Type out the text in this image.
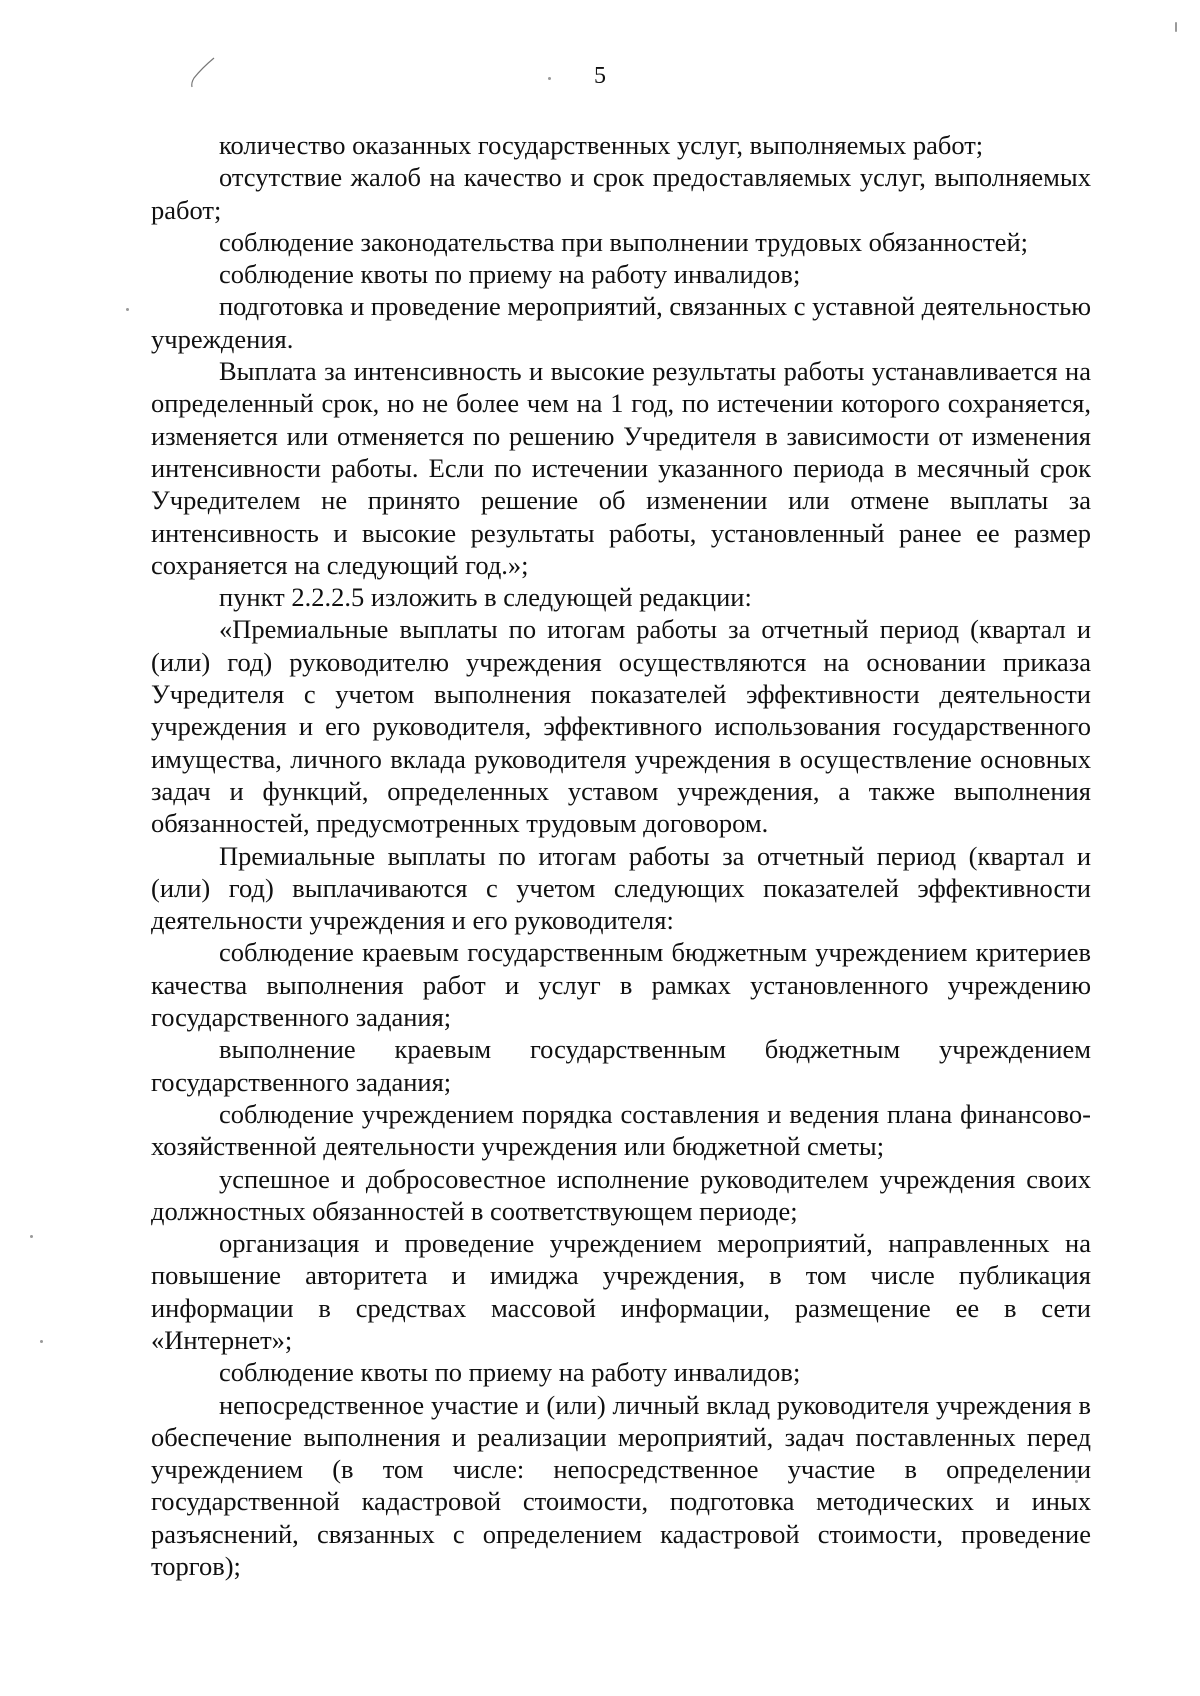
5

количество оказанных государственных услуг, выполняемых работ;

отсутствие жалоб на качество и срок предоставляемых услуг, выполняемых работ;

соблюдение законодательства при выполнении трудовых обязанностей;

соблюдение квоты по приему на работу инвалидов;

подготовка и проведение мероприятий, связанных с уставной деятельностью учреждения.

Выплата за интенсивность и высокие результаты работы устанавливается на определенный срок, но не более чем на 1 год, по истечении которого сохраняется, изменяется или отменяется по решению Учредителя в зависимости от изменения интенсивности работы. Если по истечении указанного периода в месячный срок Учредителем не принято решение об изменении или отмене выплаты за интенсивность и высокие результаты работы, установленный ранее ее размер сохраняется на следующий год.»;

пункт 2.2.2.5 изложить в следующей редакции:

«Премиальные выплаты по итогам работы за отчетный период (квартал и (или) год) руководителю учреждения осуществляются на основании приказа Учредителя с учетом выполнения показателей эффективности деятельности учреждения и его руководителя, эффективного использования государственного имущества, личного вклада руководителя учреждения в осуществление основных задач и функций, определенных уставом учреждения, а также выполнения обязанностей, предусмотренных трудовым договором.

Премиальные выплаты по итогам работы за отчетный период (квартал и (или) год) выплачиваются с учетом следующих показателей эффективности деятельности учреждения и его руководителя:

соблюдение краевым государственным бюджетным учреждением критериев качества выполнения работ и услуг в рамках установленного учреждению государственного задания;

выполнение краевым государственным бюджетным учреждением государственного задания;

соблюдение учреждением порядка составления и ведения плана финансово-хозяйственной деятельности учреждения или бюджетной сметы;

успешное и добросовестное исполнение руководителем учреждения своих должностных обязанностей в соответствующем периоде;

организация и проведение учреждением мероприятий, направленных на повышение авторитета и имиджа учреждения, в том числе публикация информации в средствах массовой информации, размещение ее в сети «Интернет»;

соблюдение квоты по приему на работу инвалидов;

непосредственное участие и (или) личный вклад руководителя учреждения в обеспечение выполнения и реализации мероприятий, задач поставленных перед учреждением (в том числе: непосредственное участие в определении государственной кадастровой стоимости, подготовка методических и иных разъяснений, связанных с определением кадастровой стоимости, проведение торгов);
